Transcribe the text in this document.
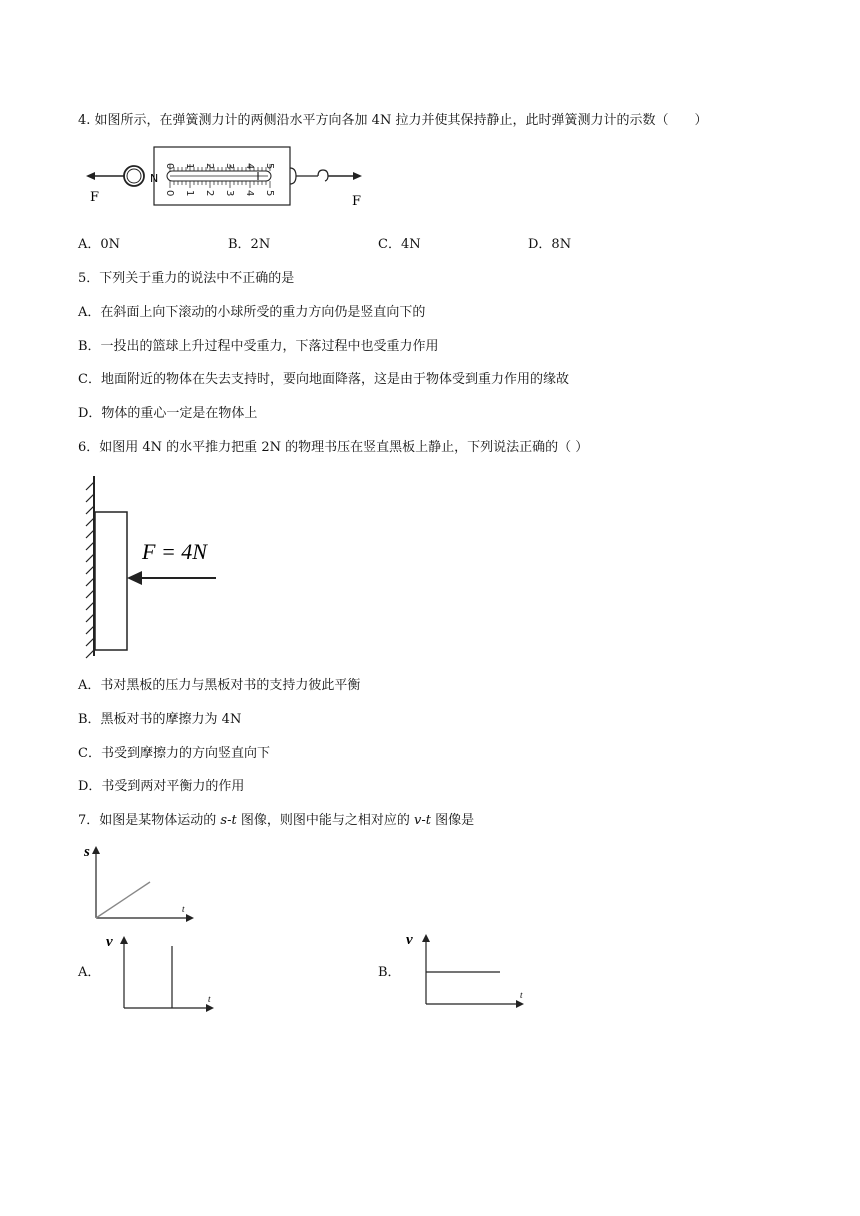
4. 如图所示，在弹簧测力计的两侧沿水平方向各加 4N 拉力并使其保持静止，此时弹簧测力计的示数（　　）
F
N
0 1 2 3 4 5
0 1 2 3 4 5
F
A．0N	B．2N	C．4N	D．8N
5．下列关于重力的说法中不正确的是
A．在斜面上向下滚动的小球所受的重力方向仍是竖直向下的
B．一投出的篮球上升过程中受重力，下落过程中也受重力作用
C．地面附近的物体在失去支持时，要向地面降落，这是由于物体受到重力作用的缘故
D．物体的重心一定是在物体上
6．如图用 4N 的水平推力把重 2N 的物理书压在竖直黑板上静止，下列说法正确的（ ）
F = 4N
A．书对黑板的压力与黑板对书的支持力彼此平衡
B．黑板对书的摩擦力为 4N
C．书受到摩擦力的方向竖直向下
D．书受到两对平衡力的作用
7．如图是某物体运动的 s-t 图像，则图中能与之相对应的 v-t 图像是
s
t
A．
v
t
B．
v
t
